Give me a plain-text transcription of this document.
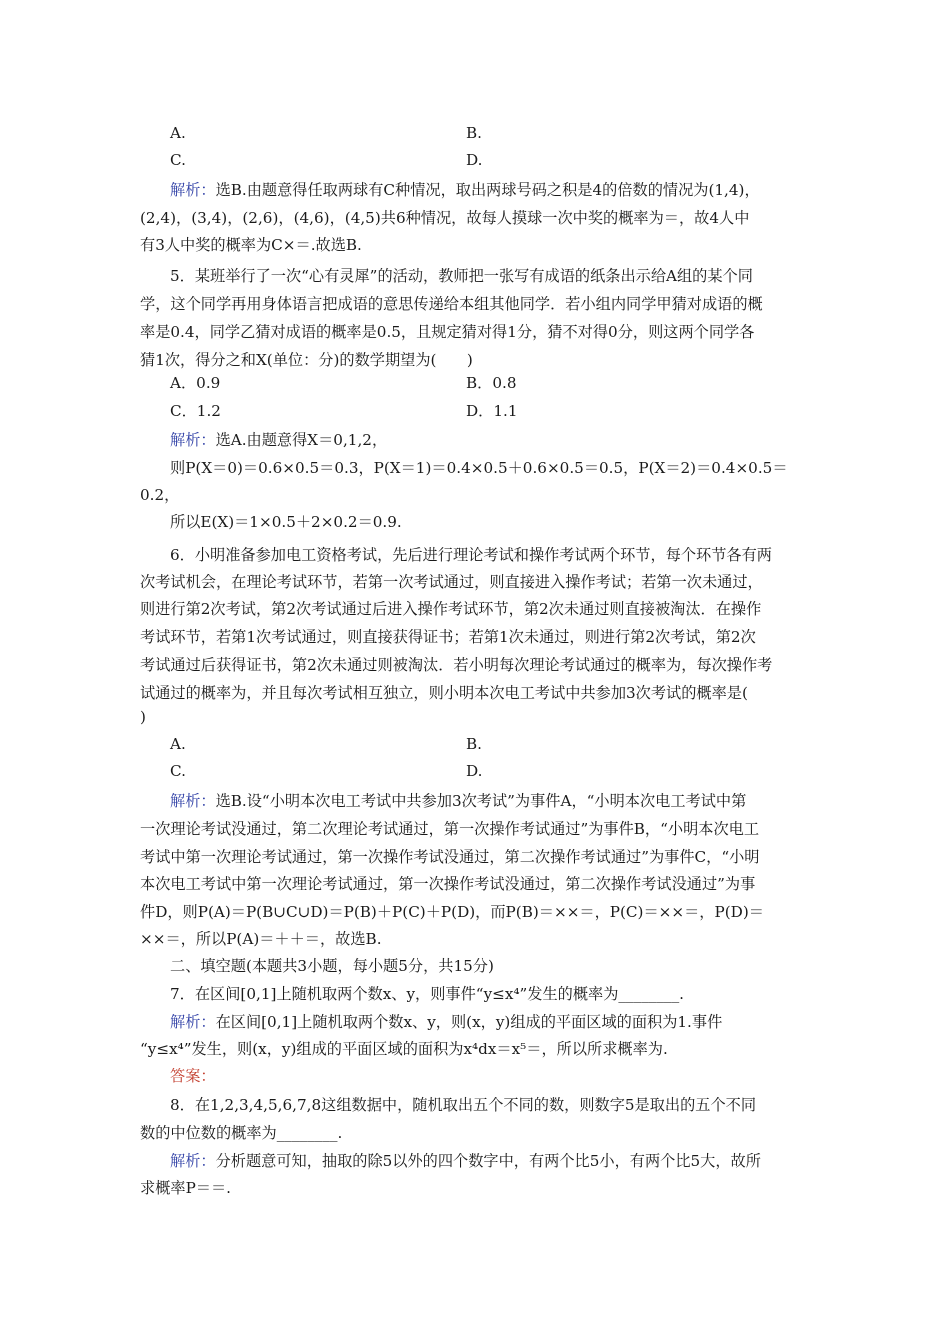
A.	B.
C.	D.
解析：选B.由题意得任取两球有C种情况，取出两球号码之积是4的倍数的情况为(1,4)，
(2,4)，(3,4)，(2,6)，(4,6)，(4,5)共6种情况，故每人摸球一次中奖的概率为＝，故4人中
有3人中奖的概率为C×＝.故选B.
5．某班举行了一次“心有灵犀”的活动，教师把一张写有成语的纸条出示给A组的某个同
学，这个同学再用身体语言把成语的意思传递给本组其他同学．若小组内同学甲猜对成语的概
率是0.4，同学乙猜对成语的概率是0.5，且规定猜对得1分，猜不对得0分，则这两个同学各
猜1次，得分之和X(单位：分)的数学期望为(　　)
A．0.9	B．0.8
C．1.2	D．1.1
解析：选A.由题意得X＝0,1,2，
则P(X＝0)＝0.6×0.5＝0.3，P(X＝1)＝0.4×0.5＋0.6×0.5＝0.5，P(X＝2)＝0.4×0.5＝
0.2，
所以E(X)＝1×0.5＋2×0.2＝0.9.
6．小明准备参加电工资格考试，先后进行理论考试和操作考试两个环节，每个环节各有两
次考试机会，在理论考试环节，若第一次考试通过，则直接进入操作考试；若第一次未通过，
则进行第2次考试，第2次考试通过后进入操作考试环节，第2次未通过则直接被淘汰．在操作
考试环节，若第1次考试通过，则直接获得证书；若第1次未通过，则进行第2次考试，第2次
考试通过后获得证书，第2次未通过则被淘汰．若小明每次理论考试通过的概率为，每次操作考
试通过的概率为，并且每次考试相互独立，则小明本次电工考试中共参加3次考试的概率是(
)
A.	B.
C.	D.
解析：选B.设“小明本次电工考试中共参加3次考试”为事件A，“小明本次电工考试中第
一次理论考试没通过，第二次理论考试通过，第一次操作考试通过”为事件B，“小明本次电工
考试中第一次理论考试通过，第一次操作考试没通过，第二次操作考试通过”为事件C，“小明
本次电工考试中第一次理论考试通过，第一次操作考试没通过，第二次操作考试没通过”为事
件D，则P(A)＝P(B∪C∪D)＝P(B)＋P(C)＋P(D)，而P(B)＝××＝，P(C)＝××＝，P(D)＝
××＝，所以P(A)＝＋＋＝，故选B.
二、填空题(本题共3小题，每小题5分，共15分)
7．在区间[0,1]上随机取两个数x、y，则事件“y≤x⁴”发生的概率为________.
解析：在区间[0,1]上随机取两个数x、y，则(x，y)组成的平面区域的面积为1.事件
“y≤x⁴”发生，则(x，y)组成的平面区域的面积为x⁴dx＝x⁵＝，所以所求概率为.
答案：
8．在1,2,3,4,5,6,7,8这组数据中，随机取出五个不同的数，则数字5是取出的五个不同
数的中位数的概率为________.
解析：分析题意可知，抽取的除5以外的四个数字中，有两个比5小，有两个比5大，故所
求概率P＝＝.
